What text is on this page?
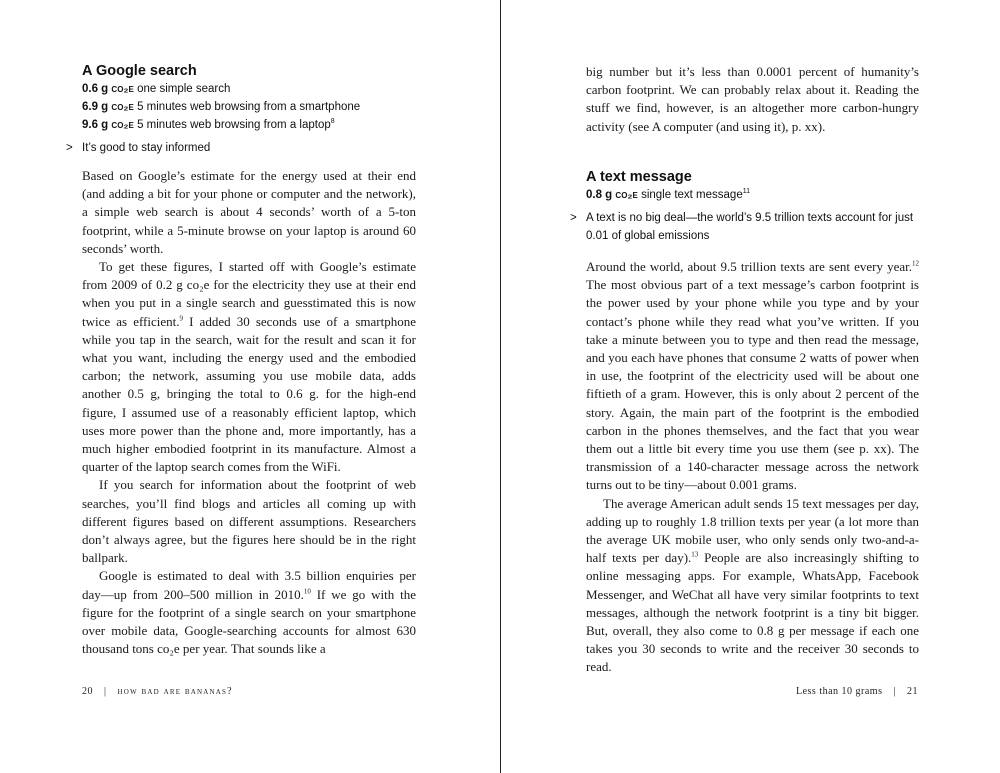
A Google search
0.6 g co₂e one simple search
6.9 g co₂e 5 minutes web browsing from a smartphone
9.6 g co₂e 5 minutes web browsing from a laptop$^8$
> It’s good to stay informed

Based on Google’s estimate for the energy used at their end (and adding a bit for your phone or computer and the network), a simple web search is about 4 seconds’ worth of a 5-ton footprint, while a 5-minute browse on your laptop is around 60 seconds’ worth.

To get these figures, I started off with Google’s estimate from 2009 of 0.2 g co₂e for the electricity they use at their end when you put in a single search and guesstimated this is now twice as efficient.$^9$ I added 30 seconds use of a smartphone while you tap in the search, wait for the result and scan it for what you want, including the energy used and the embodied carbon; the network, assuming you use mobile data, adds another 0.5 g, bringing the total to 0.6 g. for the high-end figure, I assumed use of a reasonably efficient laptop, which uses more power than the phone and, more importantly, has a much higher embodied footprint in its manufacture. Almost a quarter of the laptop search comes from the WiFi.

If you search for information about the footprint of web searches, you’ll find blogs and articles all coming up with different figures based on different assumptions. Researchers don’t always agree, but the figures here should be in the right ballpark.

Google is estimated to deal with 3.5 billion enquiries per day—up from 200–500 million in 2010.10 If we go with the figure for the footprint of a single search on your smartphone over mobile data, Google-searching accounts for almost 630 thousand tons co₂e per year. That sounds like a

20 | how bad are bananas?

big number but it’s less than 0.0001 percent of humanity’s carbon footprint. We can probably relax about it. Reading the stuff we find, however, is an altogether more carbon-hungry activity (see A computer (and using it), p. xx).

A text message
0.8 g co₂e single text message$^{11}$
> A text is no big deal—the world’s 9.5 trillion texts account for just 0.01 of global emissions

Around the world, about 9.5 trillion texts are sent every year.$^{12}$ The most obvious part of a text message’s carbon footprint is the power used by your phone while you type and by your contact’s phone while they read what you’ve written. If you take a minute between you to type and then read the message, and you each have phones that consume 2 watts of power when in use, the footprint of the electricity used will be about one fiftieth of a gram. However, this is only about 2 percent of the story. Again, the main part of the footprint is the embodied carbon in the phones themselves, and the fact that you wear them out a little bit every time you use them (see p. xx). The transmission of a 140-character message across the network turns out to be tiny—about 0.001 grams.

The average American adult sends 15 text messages per day, adding up to roughly 1.8 trillion texts per year (a lot more than the average UK mobile user, who only sends only two-and-a-half texts per day).$^{13}$ People are also increasingly shifting to online messaging apps. For example, WhatsApp, Facebook Messenger, and WeChat all have very similar footprints to text messages, although the network footprint is a tiny bit bigger. But, overall, they also come to 0.8 g per message if each one takes you 30 seconds to write and the receiver 30 seconds to read.

Less than 10 grams | 21
